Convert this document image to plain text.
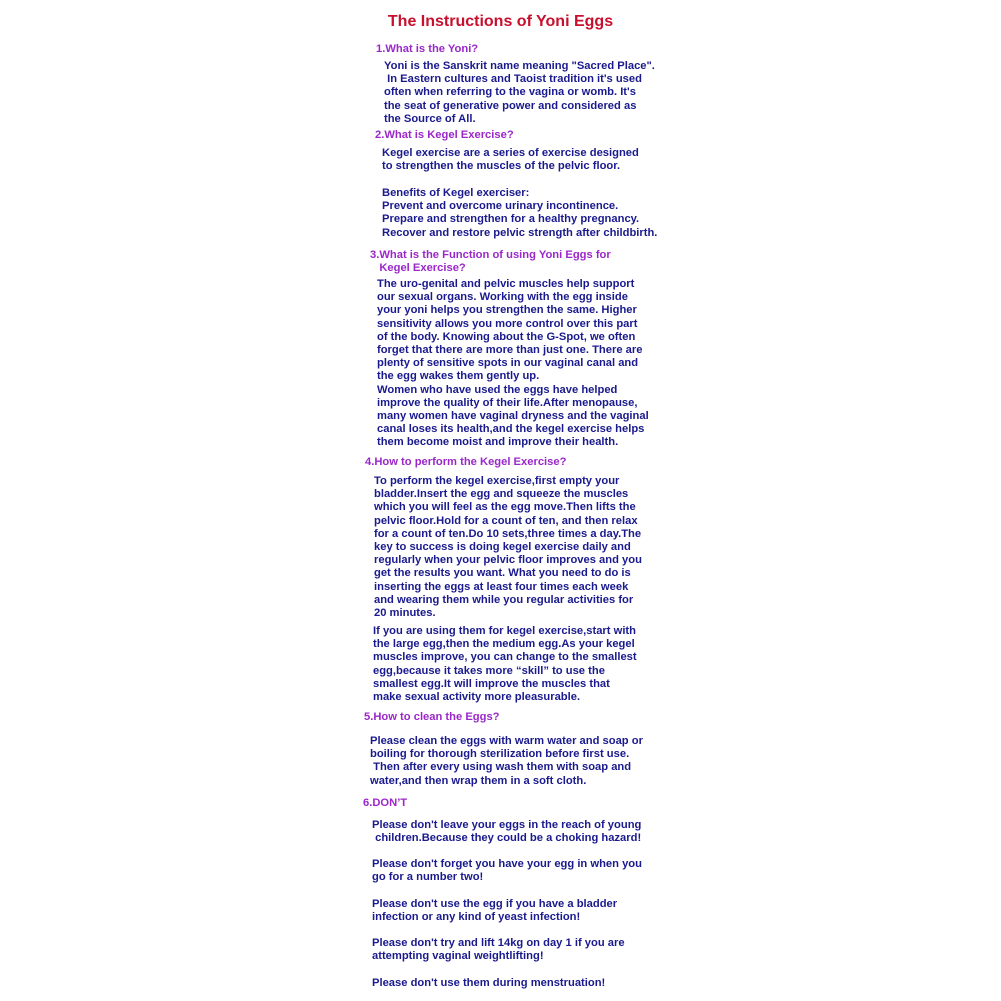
The Instructions of Yoni Eggs
1.What is the Yoni?
Yoni is the Sanskrit name meaning "Sacred Place".
In Eastern cultures and Taoist tradition it's used
often when referring to the vagina or womb. It's
the seat of generative power and considered as
the Source of All.
2.What is Kegel Exercise?
Kegel exercise are a series of exercise designed
to strengthen the muscles of the pelvic floor.
Benefits of Kegel exerciser:
Prevent and overcome urinary incontinence.
Prepare and strengthen for a healthy pregnancy.
Recover and restore pelvic strength after childbirth.
3.What is the Function of using Yoni Eggs for
Kegel Exercise?
The uro-genital and pelvic muscles help support
our sexual organs. Working with the egg inside
your yoni helps you strengthen the same. Higher
sensitivity allows you more control over this part
of the body. Knowing about the G-Spot, we often
forget that there are more than just one. There are
plenty of sensitive spots in our vaginal canal and
the egg wakes them gently up.
Women who have used the eggs have helped
improve the quality of their life.After menopause,
many women have vaginal dryness and the vaginal
canal loses its health,and the kegel exercise helps
them become moist and improve their health.
4.How to perform the Kegel Exercise?
To perform the kegel exercise,first empty your
bladder.Insert the egg and squeeze the muscles
which you will feel as the egg move.Then lifts the
pelvic floor.Hold for a count of ten, and then relax
for a count of ten.Do 10 sets,three times a day.The
key to success is doing kegel exercise daily and
regularly when your pelvic floor improves and you
get the results you want. What you need to do is
inserting the eggs at least four times each week
and wearing them while you regular activities for
20 minutes.
If you are using them for kegel exercise,start with
the large egg,then the medium egg.As your kegel
muscles improve, you can change to the smallest
egg,because it takes more “skill” to use the
smallest egg.It will improve the muscles that
make sexual activity more pleasurable.
5.How to clean the Eggs?
Please clean the eggs with warm water and soap or
boiling for thorough sterilization before first use.
Then after every using wash them with soap and
water,and then wrap them in a soft cloth.
6.DON’T
Please don't leave your eggs in the reach of young
children.Because they could be a choking hazard!
Please don't forget you have your egg in when you
go for a number two!
Please don't use the egg if you have a bladder
infection or any kind of yeast infection!
Please don't try and lift 14kg on day 1 if you are
attempting vaginal weightlifting!
Please don't use them during menstruation!
